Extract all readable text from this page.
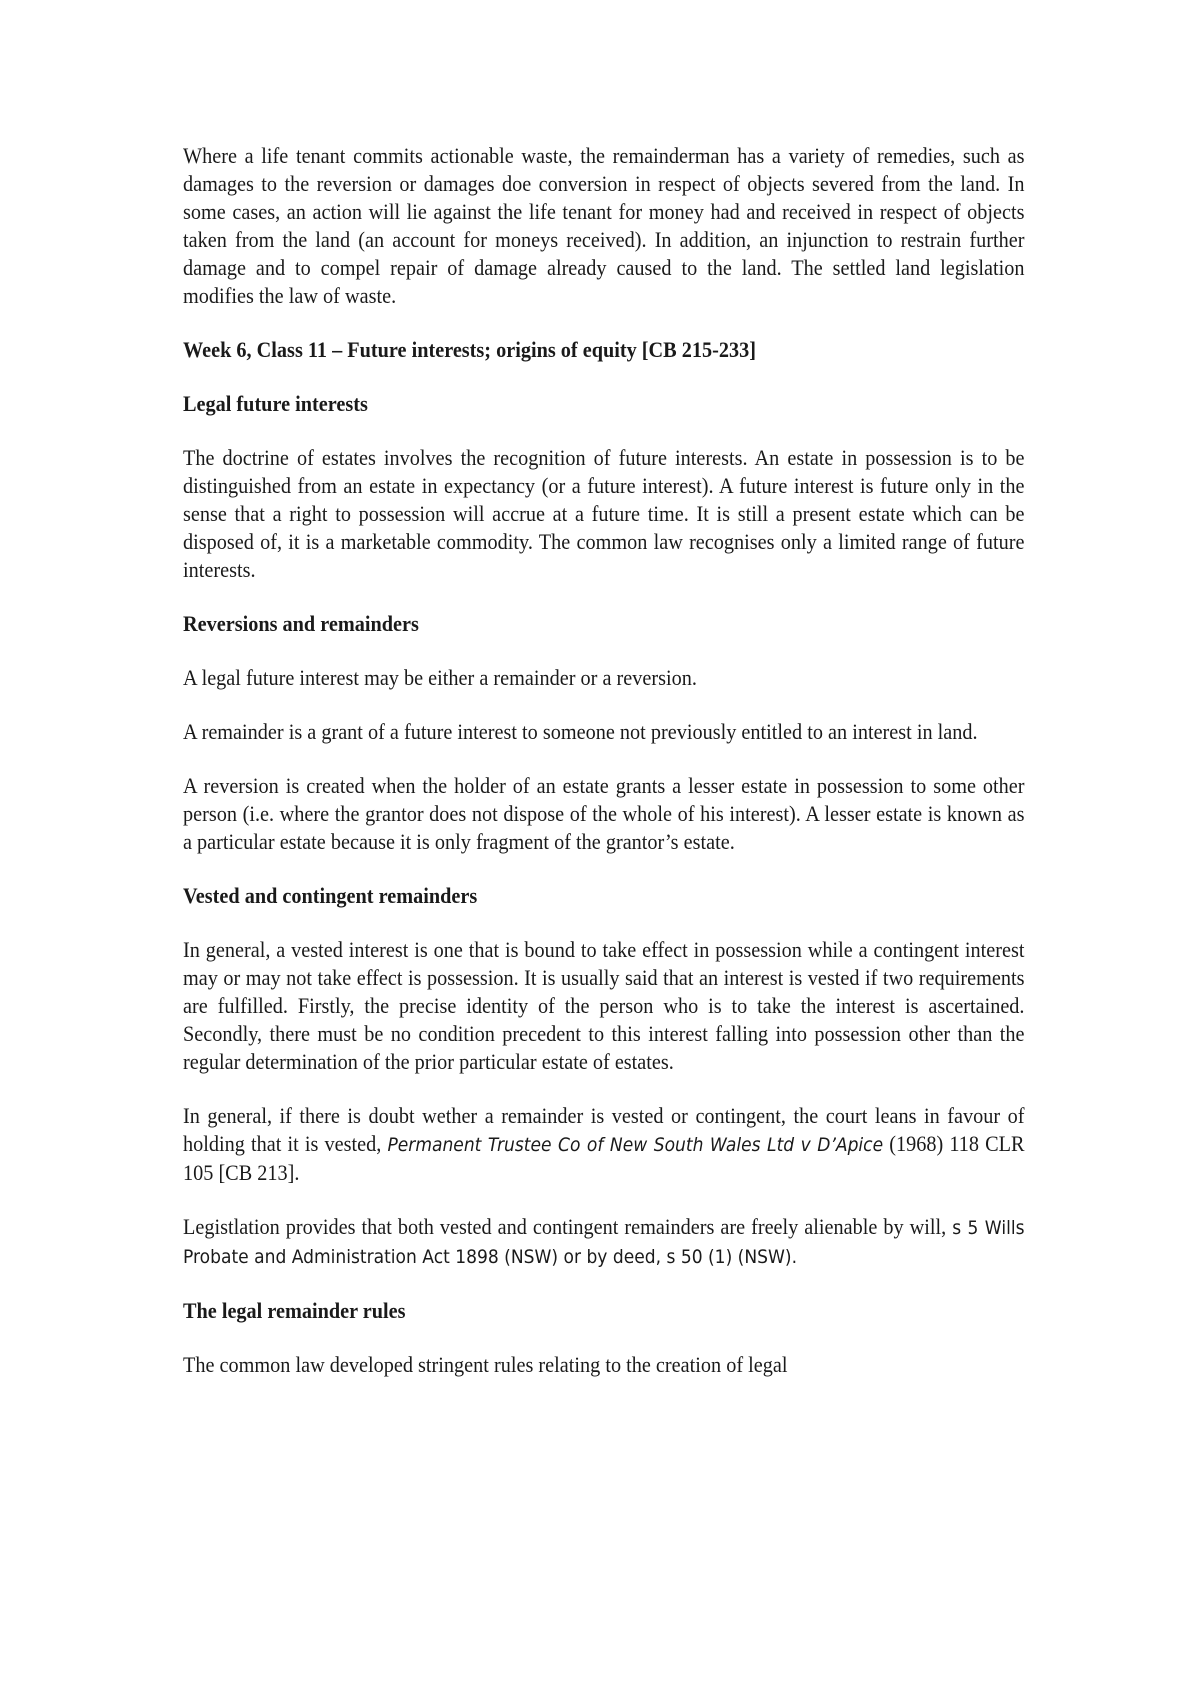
Where a life tenant commits actionable waste, the remainderman has a variety of remedies, such as damages to the reversion or damages doe conversion in respect of objects severed from the land. In some cases, an action will lie against the life tenant for money had and received in respect of objects taken from the land (an account for moneys received). In addition, an injunction to restrain further damage and to compel repair of damage already caused to the land. The settled land legislation modifies the law of waste.

Week 6, Class 11 – Future interests; origins of equity [CB 215-233]
Legal future interests

The doctrine of estates involves the recognition of future interests. An estate in possession is to be distinguished from an estate in expectancy (or a future interest). A future interest is future only in the sense that a right to possession will accrue at a future time. It is still a present estate which can be disposed of, it is a marketable commodity. The common law recognises only a limited range of future interests.

Reversions and remainders

A legal future interest may be either a remainder or a reversion.

A remainder is a grant of a future interest to someone not previously entitled to an interest in land.

A reversion is created when the holder of an estate grants a lesser estate in possession to some other person (i.e. where the grantor does not dispose of the whole of his interest). A lesser estate is known as a particular estate because it is only fragment of the grantor’s estate.

Vested and contingent remainders

In general, a vested interest is one that is bound to take effect in possession while a contingent interest may or may not take effect is possession. It is usually said that an interest is vested if two requirements are fulfilled. Firstly, the precise identity of the person who is to take the interest is ascertained. Secondly, there must be no condition precedent to this interest falling into possession other than the regular determination of the prior particular estate of estates.

In general, if there is doubt wether a remainder is vested or contingent, the court leans in favour of holding that it is vested, Permanent Trustee Co of New South Wales Ltd v D’Apice (1968) 118 CLR 105 [CB 213].

Legistlation provides that both vested and contingent remainders are freely alienable by will, s 5 Wills Probate and Administration Act 1898 (NSW) or by deed, s 50 (1) (NSW).

The legal remainder rules

The common law developed stringent rules relating to the creation of legal
